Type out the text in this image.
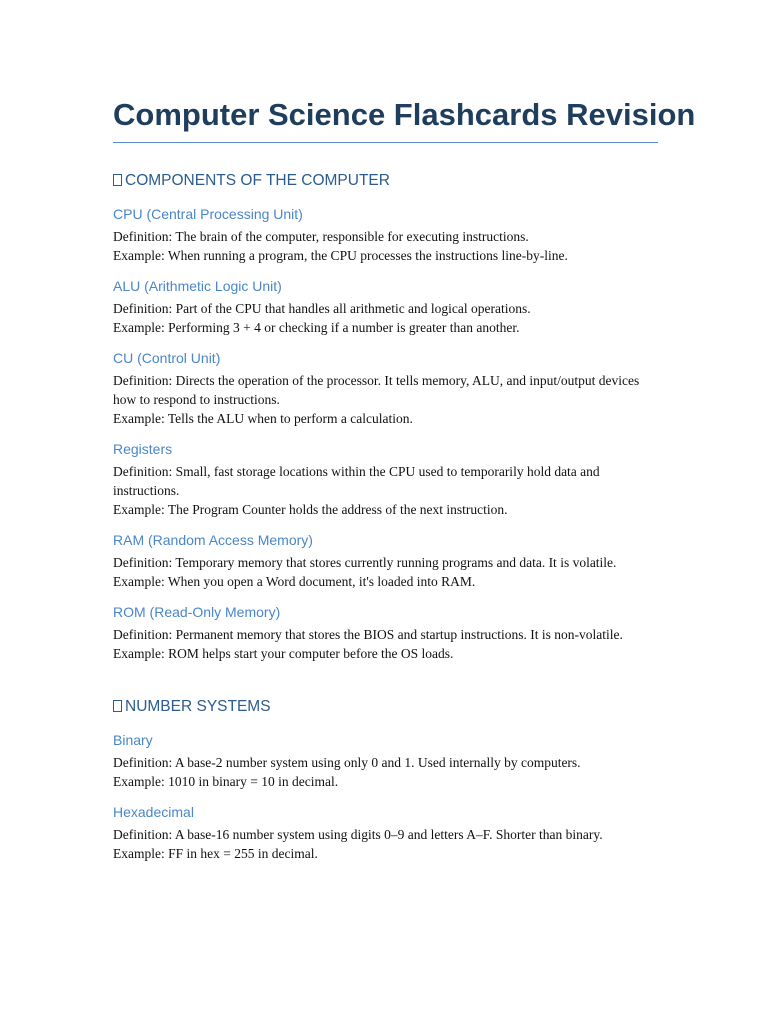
Computer Science Flashcards Revision
COMPONENTS OF THE COMPUTER
CPU (Central Processing Unit)

Definition: The brain of the computer, responsible for executing instructions.

Example: When running a program, the CPU processes the instructions line-by-line.

ALU (Arithmetic Logic Unit)

Definition: Part of the CPU that handles all arithmetic and logical operations.

Example: Performing 3 + 4 or checking if a number is greater than another.

CU (Control Unit)

Definition: Directs the operation of the processor. It tells memory, ALU, and input/output devices how to respond to instructions.

Example: Tells the ALU when to perform a calculation.

Registers

Definition: Small, fast storage locations within the CPU used to temporarily hold data and instructions.

Example: The Program Counter holds the address of the next instruction.

RAM (Random Access Memory)

Definition: Temporary memory that stores currently running programs and data. It is volatile.

Example: When you open a Word document, it's loaded into RAM.

ROM (Read-Only Memory)

Definition: Permanent memory that stores the BIOS and startup instructions. It is non-volatile.

Example: ROM helps start your computer before the OS loads.

NUMBER SYSTEMS
Binary

Definition: A base-2 number system using only 0 and 1. Used internally by computers.

Example: 1010 in binary = 10 in decimal.

Hexadecimal

Definition: A base-16 number system using digits 0–9 and letters A–F. Shorter than binary.

Example: FF in hex = 255 in decimal.
